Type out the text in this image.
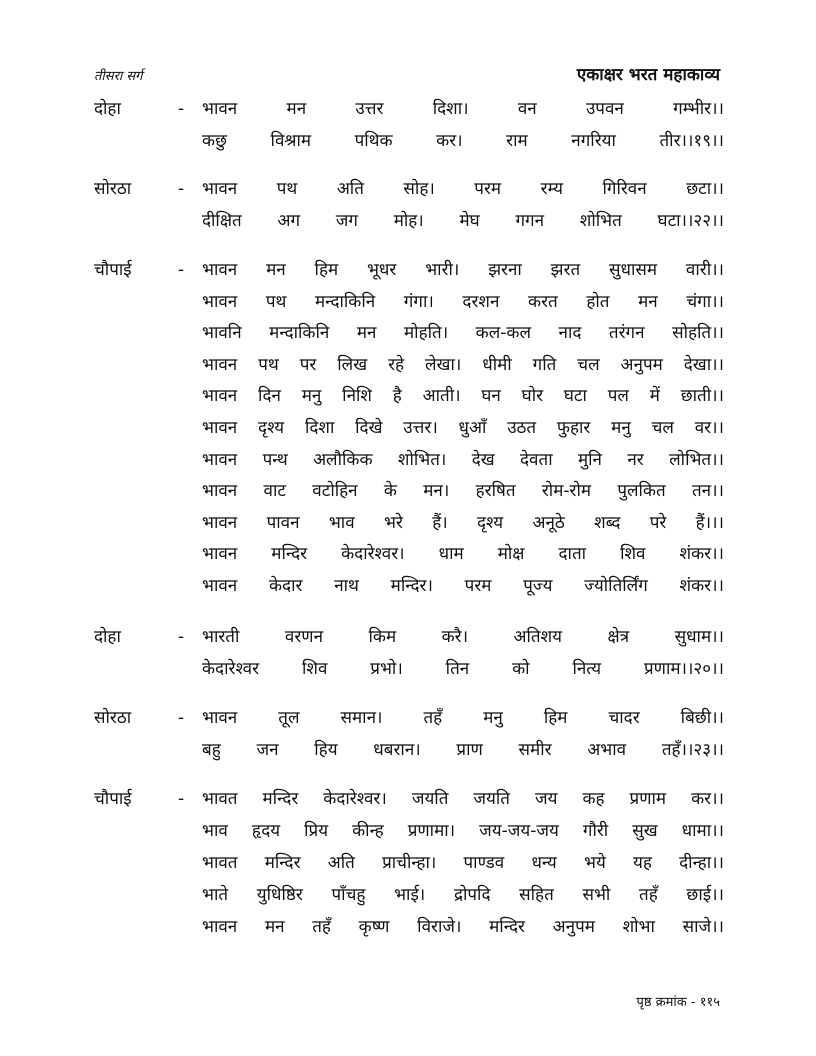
तीसरा सर्ग	एकाक्षर भरत महाकाव्य
दोहा	- भावन मन उत्तर दिशा। वन उपवन गम्भीर।।
कछु विश्राम पथिक कर। राम नगरिया तीर।।१९।।
सोरठा	- भावन पथ अति सोह। परम रम्य गिरिवन छटा।।
दीक्षित अग जग मोह। मेघ गगन शोभित घटा।।२२।।
चौपाई	- भावन मन हिम भूधर भारी। झरना झरत सुधासम वारी।।
भावन पथ मन्दाकिनि गंगा। दरशन करत होत मन चंगा।।
भावनि मन्दाकिनि मन मोहति। कल-कल नाद तरंगन सोहति।।
भावन पथ पर लिख रहे लेखा। धीमी गति चल अनुपम देखा।।
भावन दिन मनु निशि है आती। घन घोर घटा पल में छाती।।
भावन दृश्य दिशा दिखे उत्तर। धुआँ उठत फुहार मनु चल वर।।
भावन पन्थ अलौकिक शोभित। देख देवता मुनि नर लोभित।।
भावन वाट वटोहिन के मन। हरषित रोम-रोम पुलकित तन।।
भावन पावन भाव भरे हैं। दृश्य अनूठे शब्द परे हैं।।।
भावन मन्दिर केदारेश्वर। धाम मोक्ष दाता शिव शंकर।।
भावन केदार नाथ मन्दिर। परम पूज्य ज्योतिर्लिंग शंकर।।
दोहा	- भारती वरणन किम करै। अतिशय क्षेत्र सुधाम।।
केदारेश्वर शिव प्रभो। तिन को नित्य प्रणाम।।२०।।
सोरठा	- भावन तूल समान। तहँ मनु हिम चादर बिछी।।
बहु जन हिय धबरान। प्राण समीर अभाव तहँ।।२३।।
चौपाई	- भावत मन्दिर केदारेश्वर। जयति जयति जय कह प्रणाम कर।।
भाव हृदय प्रिय कीन्ह प्रणामा। जय-जय-जय गौरी सुख धामा।।
भावत मन्दिर अति प्राचीन्हा। पाण्डव धन्य भये यह दीन्हा।।
भाते युधिष्ठिर पाँचहु भाई। द्रोपदि सहित सभी तहँ छाई।।
भावन मन तहँ कृष्ण विराजे। मन्दिर अनुपम शोभा साजे।।
पृष्ठ क्रमांक - ११५
